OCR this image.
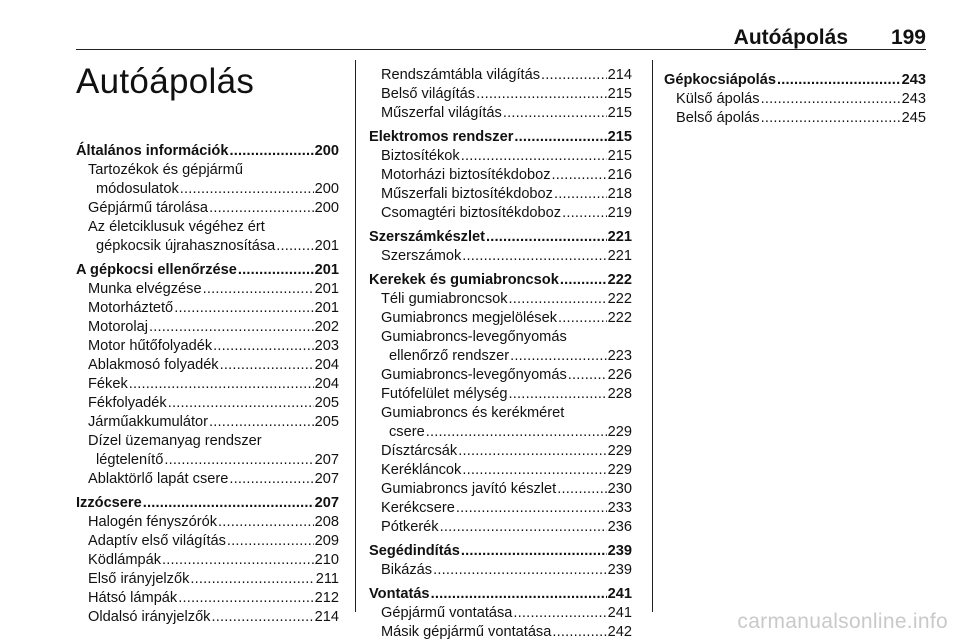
Autóápolás 199
Autóápolás
Általános információk .....	200
Tartozékok és gépjármű
módosulatok .....	200
Gépjármű tárolása .....	200
Az életciklusuk végéhez ért
gépkocsik újrahasznosítása .....	201
A gépkocsi ellenőrzése .....	201
Munka elvégzése .....	201
Motorháztető .....	201
Motorolaj .....	202
Motor hűtőfolyadék .....	203
Ablakmosó folyadék .....	204
Fékek .....	204
Fékfolyadék .....	205
Járműakkumulátor .....	205
Dízel üzemanyag rendszer
légtelenítő .....	207
Ablaktörlő lapát csere .....	207
Izzócsere .....	207
Halogén fényszórók .....	208
Adaptív első világítás .....	209
Ködlámpák .....	210
Első irányjelzők .....	211
Hátsó lámpák .....	212
Oldalsó irányjelzők .....	214
Rendszámtábla világítás .....	214
Belső világítás .....	215
Műszerfal világítás .....	215
Elektromos rendszer .....	215
Biztosítékok .....	215
Motorházi biztosítékdoboz .....	216
Műszerfali biztosítékdoboz .....	218
Csomagtéri biztosítékdoboz .....	219
Szerszámkészlet .....	221
Szerszámok .....	221
Kerekek és gumiabroncsok .....	222
Téli gumiabroncsok .....	222
Gumiabroncs megjelölések .....	222
Gumiabroncs-levegőnyomás
ellenőrző rendszer .....	223
Gumiabroncs-levegőnyomás .....	226
Futófelület mélység .....	228
Gumiabroncs és kerékméret
csere .....	229
Dísztárcsák .....	229
Kerékláncok .....	229
Gumiabroncs javító készlet .....	230
Kerékcsere .....	233
Pótkerék .....	236
Segédindítás .....	239
Bikázás .....	239
Vontatás .....	241
Gépjármű vontatása .....	241
Másik gépjármű vontatása .....	242
Gépkocsiápolás .....	243
Külső ápolás .....	243
Belső ápolás .....	245
carmanualsonline.info
